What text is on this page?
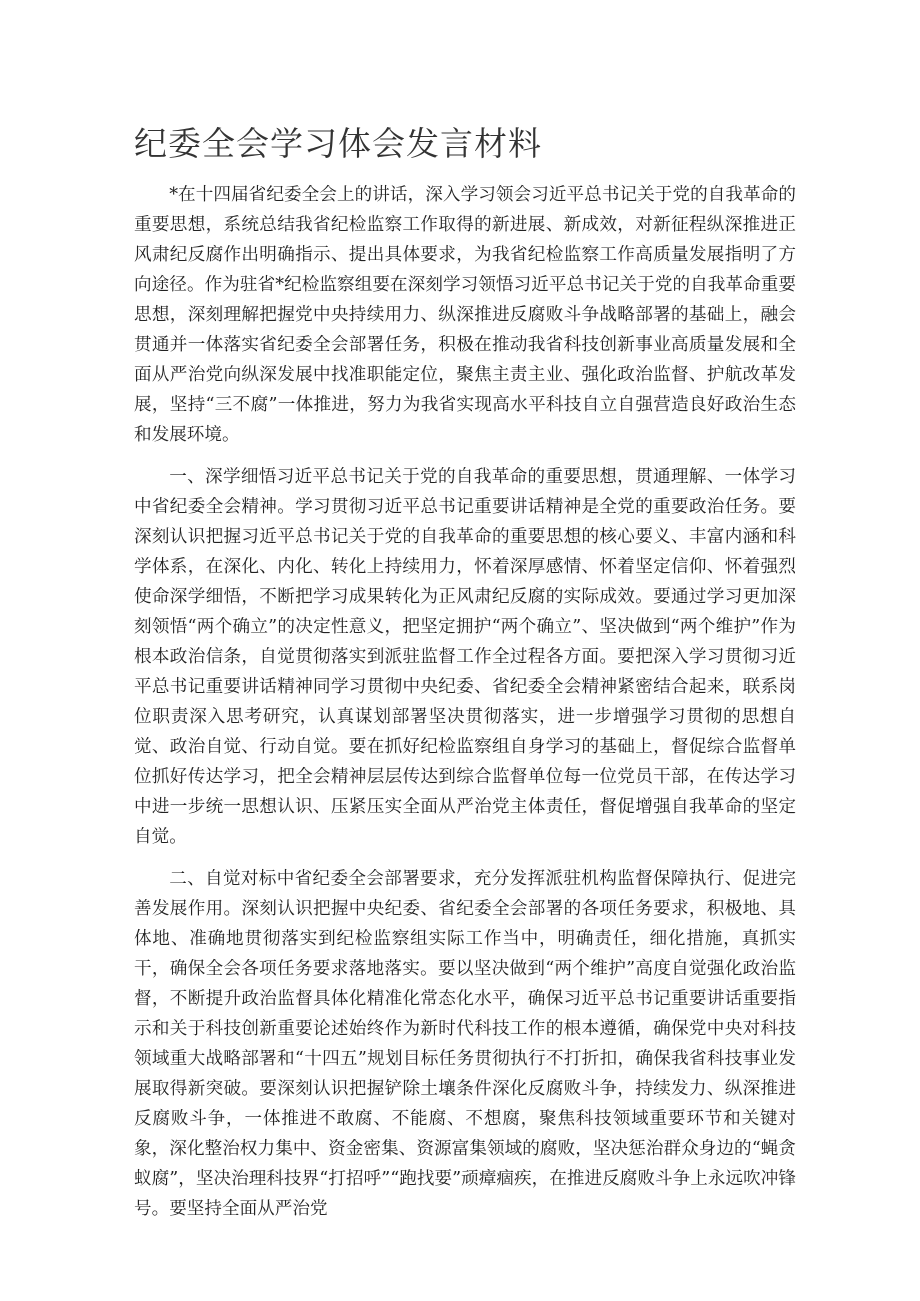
纪委全会学习体会发言材料

*在十四届省纪委全会上的讲话，深入学习领会习近平总书记关于党的自我革命的重要思想，系统总结我省纪检监察工作取得的新进展、新成效，对新征程纵深推进正风肃纪反腐作出明确指示、提出具体要求，为我省纪检监察工作高质量发展指明了方向途径。作为驻省*纪检监察组要在深刻学习领悟习近平总书记关于党的自我革命重要思想，深刻理解把握党中央持续用力、纵深推进反腐败斗争战略部署的基础上，融会贯通并一体落实省纪委全会部署任务，积极在推动我省科技创新事业高质量发展和全面从严治党向纵深发展中找准职能定位，聚焦主责主业、强化政治监督、护航改革发展，坚持“三不腐”一体推进，努力为我省实现高水平科技自立自强营造良好政治生态和发展环境。

一、深学细悟习近平总书记关于党的自我革命的重要思想，贯通理解、一体学习中省纪委全会精神。学习贯彻习近平总书记重要讲话精神是全党的重要政治任务。要深刻认识把握习近平总书记关于党的自我革命的重要思想的核心要义、丰富内涵和科学体系，在深化、内化、转化上持续用力，怀着深厚感情、怀着坚定信仰、怀着强烈使命深学细悟，不断把学习成果转化为正风肃纪反腐的实际成效。要通过学习更加深刻领悟“两个确立”的决定性意义，把坚定拥护“两个确立”、坚决做到“两个维护”作为根本政治信条，自觉贯彻落实到派驻监督工作全过程各方面。要把深入学习贯彻习近平总书记重要讲话精神同学习贯彻中央纪委、省纪委全会精神紧密结合起来，联系岗位职责深入思考研究，认真谋划部署坚决贯彻落实，进一步增强学习贯彻的思想自觉、政治自觉、行动自觉。要在抓好纪检监察组自身学习的基础上，督促综合监督单位抓好传达学习，把全会精神层层传达到综合监督单位每一位党员干部，在传达学习中进一步统一思想认识、压紧压实全面从严治党主体责任，督促增强自我革命的坚定自觉。

二、自觉对标中省纪委全会部署要求，充分发挥派驻机构监督保障执行、促进完善发展作用。深刻认识把握中央纪委、省纪委全会部署的各项任务要求，积极地、具体地、准确地贯彻落实到纪检监察组实际工作当中，明确责任，细化措施，真抓实干，确保全会各项任务要求落地落实。要以坚决做到“两个维护”高度自觉强化政治监督，不断提升政治监督具体化精准化常态化水平，确保习近平总书记重要讲话重要指示和关于科技创新重要论述始终作为新时代科技工作的根本遵循，确保党中央对科技领域重大战略部署和“十四五”规划目标任务贯彻执行不打折扣，确保我省科技事业发展取得新突破。要深刻认识把握铲除土壤条件深化反腐败斗争，持续发力、纵深推进反腐败斗争，一体推进不敢腐、不能腐、不想腐，聚焦科技领域重要环节和关键对象，深化整治权力集中、资金密集、资源富集领域的腐败，坚决惩治群众身边的“蝇贪蚁腐”，坚决治理科技界“打招呼”“跑找要”顽瘴痼疾，在推进反腐败斗争上永远吹冲锋号。要坚持全面从严治党
